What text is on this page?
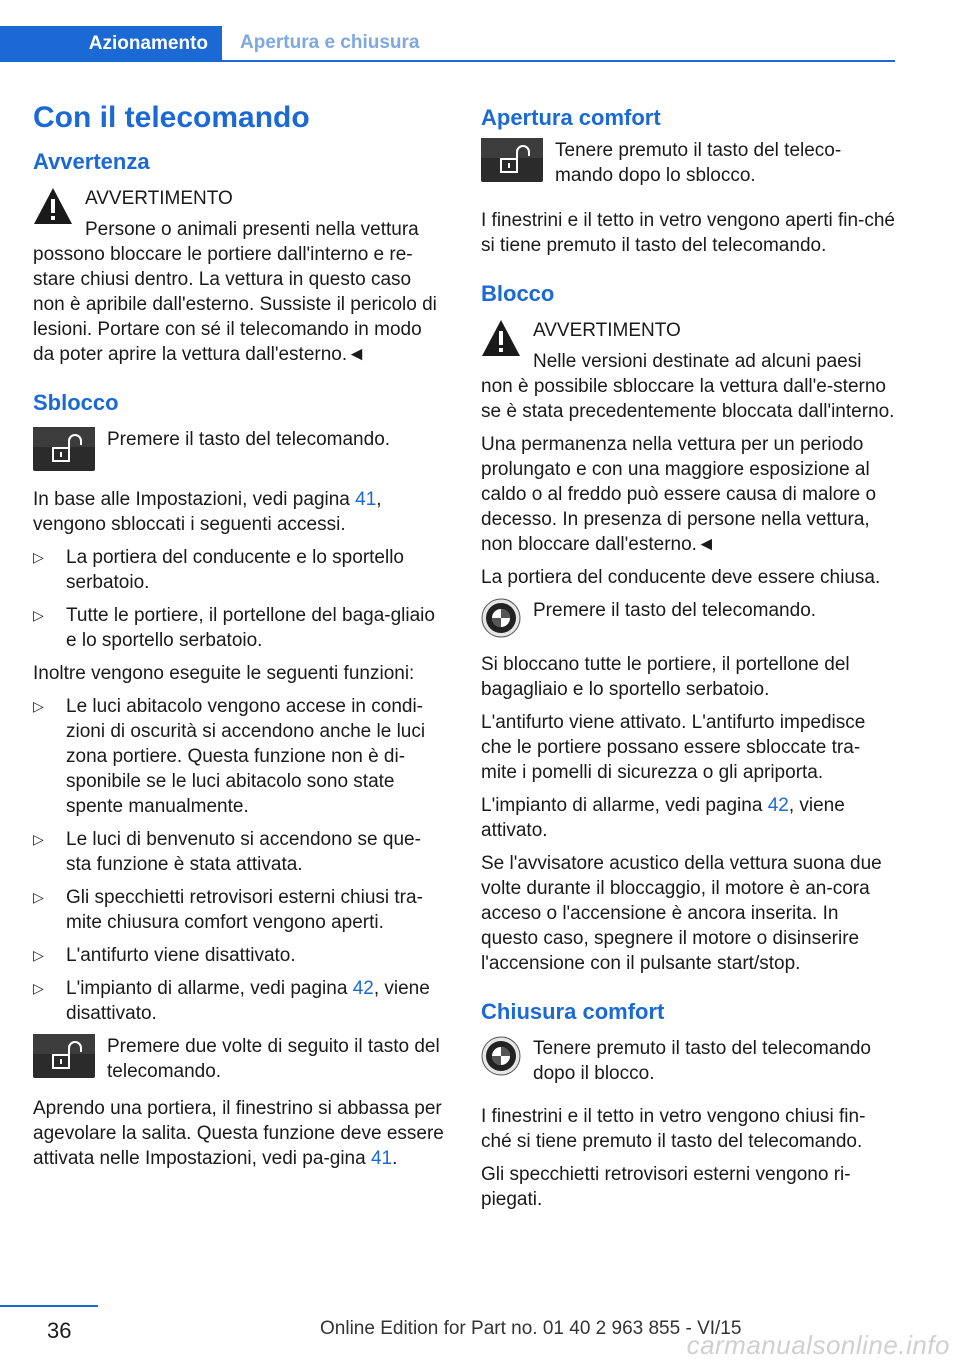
Azionamento Apertura e chiusura
Con il telecomando
Avvertenza
AVVERTIMENTO

Persone o animali presenti nella vettura possono bloccare le portiere dall'interno e re-stare chiusi dentro. La vettura in questo caso non è apribile dall'esterno. Sussiste il pericolo di lesioni. Portare con sé il telecomando in modo da poter aprire la vettura dall'esterno.◄

Sblocco

Premere il tasto del telecomando.

In base alle Impostazioni, vedi pagina 41, vengono sbloccati i seguenti accessi.

▷ La portiera del conducente e lo sportello serbatoio.
▷ Tutte le portiere, il portellone del baga-gliaio e lo sportello serbatoio.

Inoltre vengono eseguite le seguenti funzioni:

▷ Le luci abitacolo vengono accese in condi-zioni di oscurità si accendono anche le luci zona portiere. Questa funzione non è di-sponibile se le luci abitacolo sono state spente manualmente.
▷ Le luci di benvenuto si accendono se que-sta funzione è stata attivata.
▷ Gli specchietti retrovisori esterni chiusi tra-mite chiusura comfort vengono aperti.
▷ L'antifurto viene disattivato.
▷ L'impianto di allarme, vedi pagina 42, viene disattivato.

Premere due volte di seguito il tasto del telecomando.

Aprendo una portiera, il finestrino si abbassa per agevolare la salita. Questa funzione deve essere attivata nelle Impostazioni, vedi pa-gina 41.

Apertura comfort

Tenere premuto il tasto del teleco-mando dopo lo sblocco.

I finestrini e il tetto in vetro vengono aperti fin-ché si tiene premuto il tasto del telecomando.

Blocco
AVVERTIMENTO

Nelle versioni destinate ad alcuni paesi non è possibile sbloccare la vettura dall'e-sterno se è stata precedentemente bloccata dall'interno.

Una permanenza nella vettura per un periodo prolungato e con una maggiore esposizione al caldo o al freddo può essere causa di malore o decesso. In presenza di persone nella vettura, non bloccare dall'esterno.◄

La portiera del conducente deve essere chiusa.

Premere il tasto del telecomando.

Si bloccano tutte le portiere, il portellone del bagagliaio e lo sportello serbatoio.

L'antifurto viene attivato. L'antifurto impedisce che le portiere possano essere sbloccate tra-mite i pomelli di sicurezza o gli apriporta.

L'impianto di allarme, vedi pagina 42, viene attivato.

Se l'avvisatore acustico della vettura suona due volte durante il bloccaggio, il motore è an-cora acceso o l'accensione è ancora inserita. In questo caso, spegnere il motore o disinserire l'accensione con il pulsante start/stop.

Chiusura comfort

Tenere premuto il tasto del telecomando dopo il blocco.

I finestrini e il tetto in vetro vengono chiusi fin-ché si tiene premuto il tasto del telecomando.

Gli specchietti retrovisori esterni vengono ri-piegati.

36	Online Edition for Part no. 01 40 2 963 855 - VI/15
carmanualsonline.info
